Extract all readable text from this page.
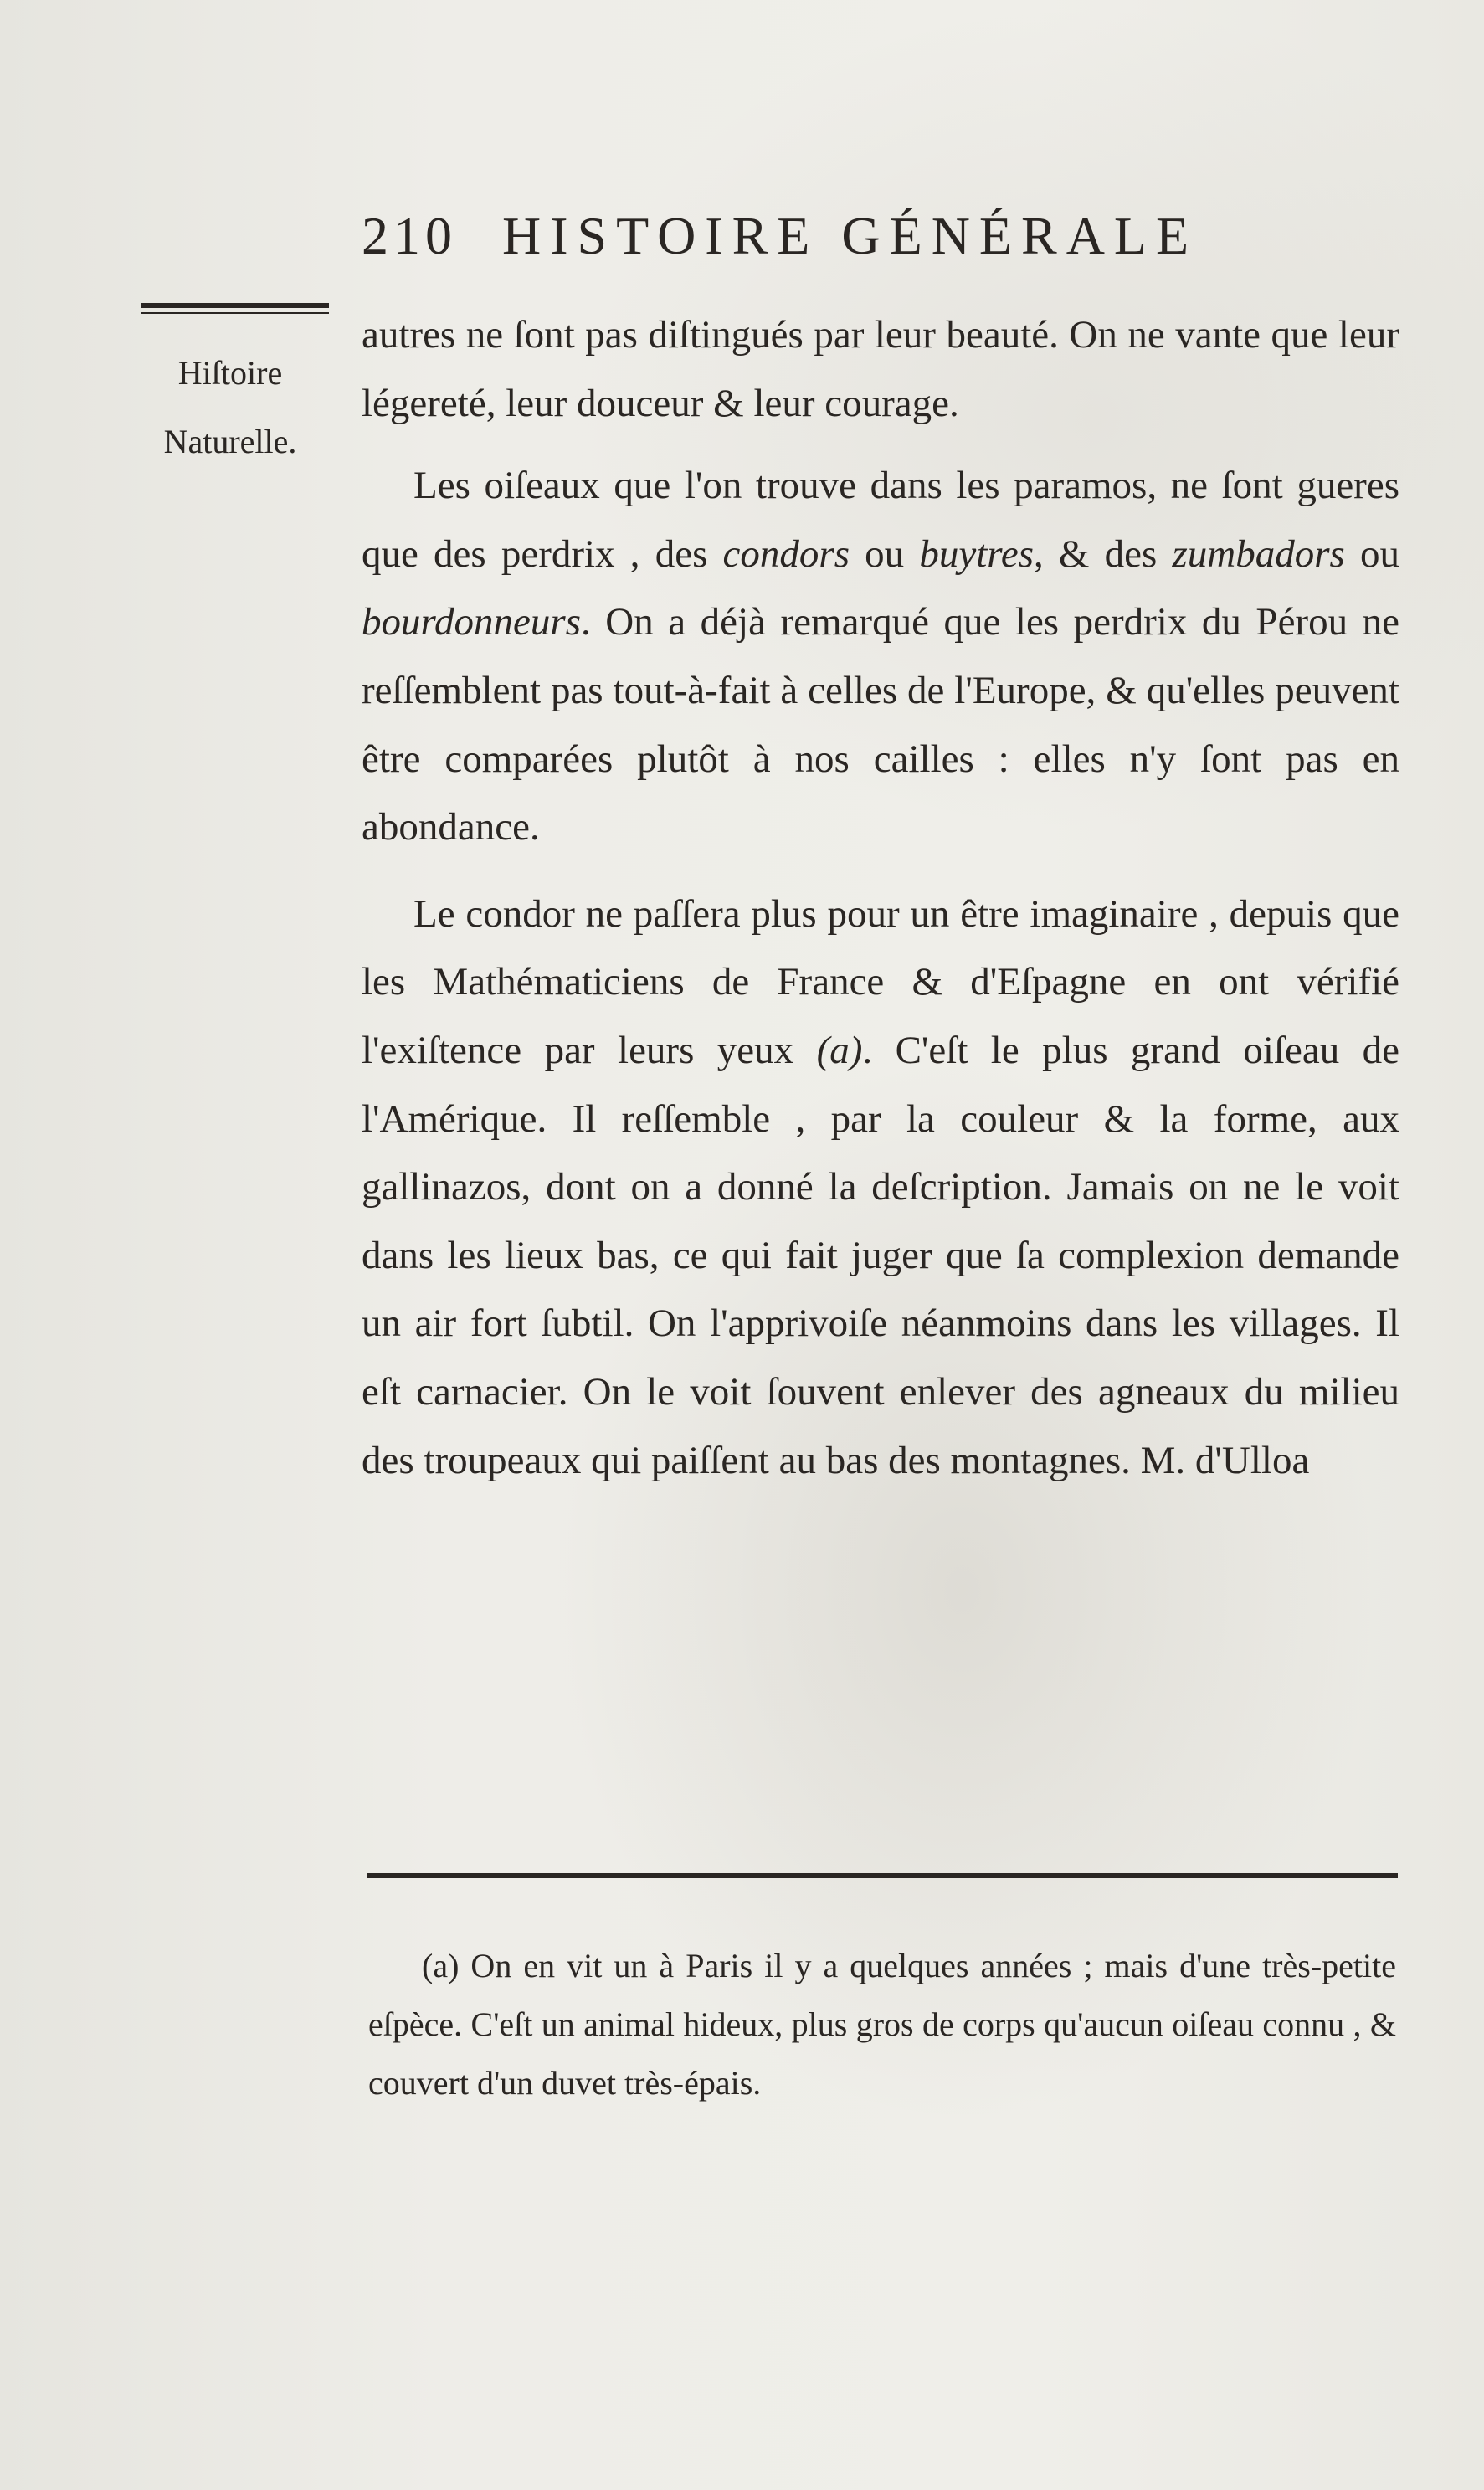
210 HISTOIRE GÉNÉRALE
Hiſtoire
Naturelle.

autres ne ſont pas diſtingués par leur beauté. On ne vante que leur légereté, leur douceur & leur courage.

Les oiſeaux que l'on trouve dans les paramos, ne ſont gueres que des perdrix , des condors ou buytres, & des zumbadors ou bourdonneurs. On a déjà remarqué que les perdrix du Pérou ne reſſemblent pas tout-à-fait à celles de l'Europe, & qu'elles peuvent être comparées plutôt à nos cailles : elles n'y ſont pas en abondance.

Le condor ne paſſera plus pour un être imaginaire , depuis que les Mathématiciens de France & d'Eſpagne en ont vérifié l'exiſtence par leurs yeux (a). C'eſt le plus grand oiſeau de l'Amérique. Il reſſemble , par la couleur & la forme, aux gallinazos, dont on a donné la deſcription. Jamais on ne le voit dans les lieux bas, ce qui fait juger que ſa complexion demande un air fort ſubtil. On l'apprivoiſe néanmoins dans les villages. Il eſt carnacier. On le voit ſouvent enlever des agneaux du milieu des troupeaux qui paiſſent au bas des montagnes. M. d'Ulloa

(a) On en vit un à Paris il y a quelques années ; mais d'une très-petite eſpèce. C'eſt un animal hideux, plus gros de corps qu'aucun oiſeau connu , & couvert d'un duvet très-épais.
